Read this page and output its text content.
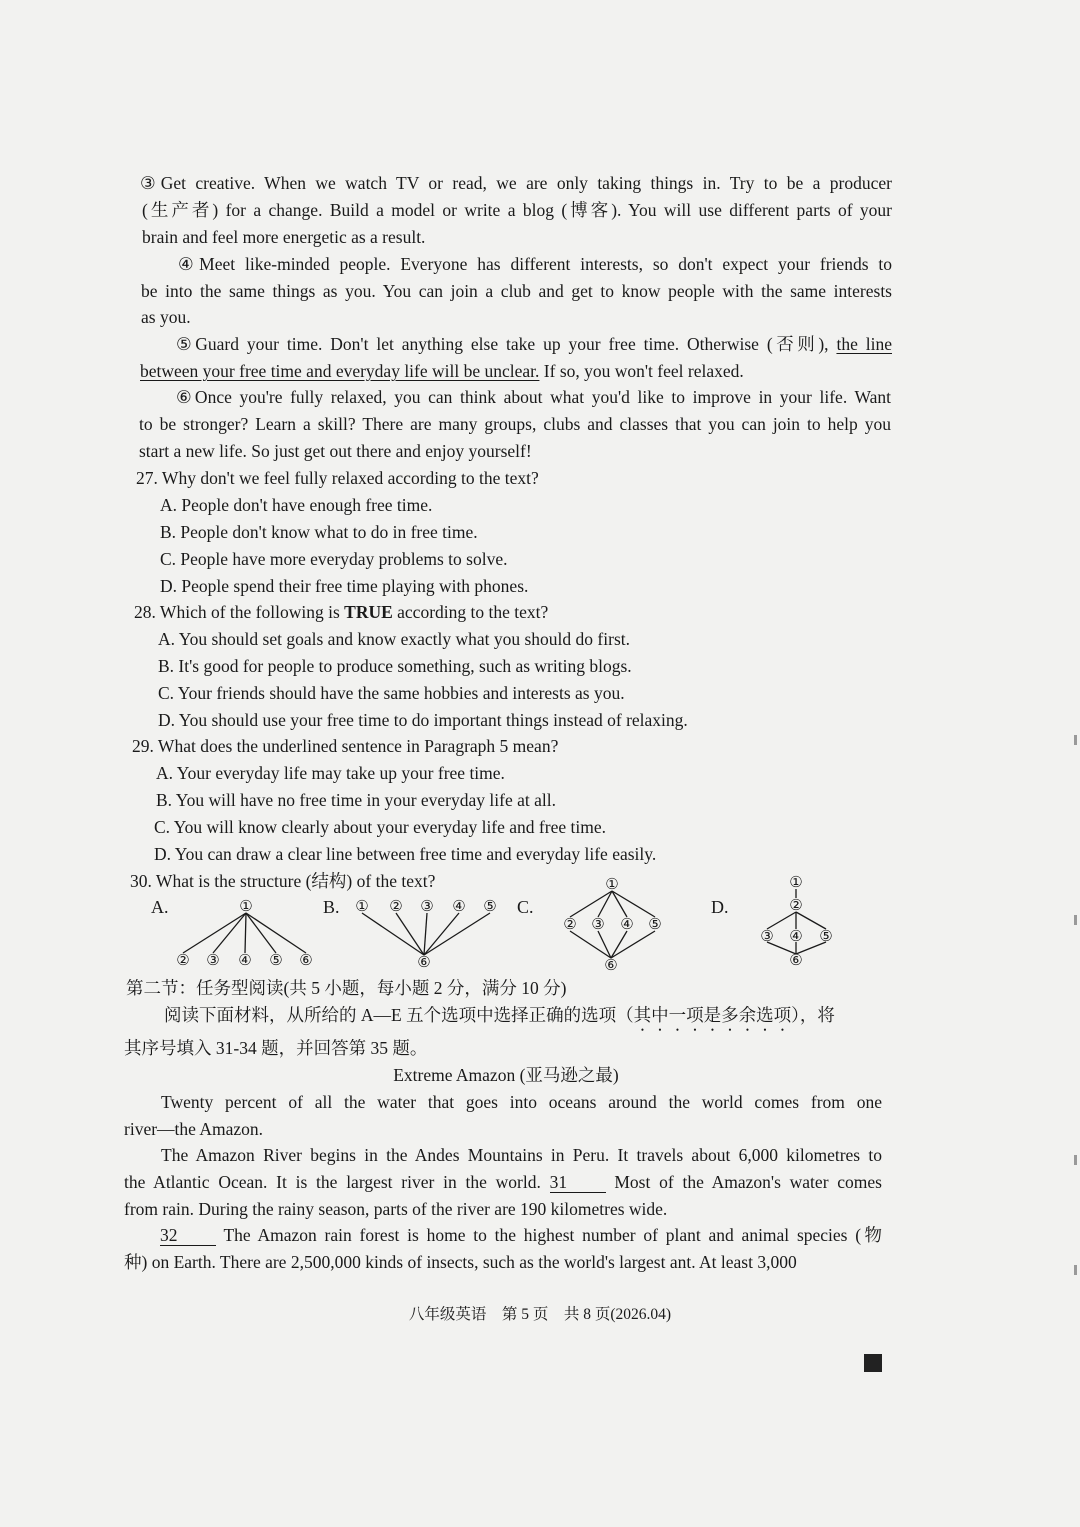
③Get creative. When we watch TV or read, we are only taking things in. Try to be a producer
(生产者) for a change. Build a model or write a blog (博客). You will use different parts of your
brain and feel more energetic as a result.
④Meet like-minded people. Everyone has different interests, so don't expect your friends to
be into the same things as you. You can join a club and get to know people with the same interests
as you.
⑤Guard your time. Don't let anything else take up your free time. Otherwise (否则), the line
between your free time and everyday life will be unclear. If so, you won't feel relaxed.
⑥Once you're fully relaxed, you can think about what you'd like to improve in your life. Want
to be stronger? Learn a skill? There are many groups, clubs and classes that you can join to help you
start a new life. So just get out there and enjoy yourself!
27. Why don't we feel fully relaxed according to the text?
A. People don't have enough free time.
B. People don't know what to do in free time.
C. People have more everyday problems to solve.
D. People spend their free time playing with phones.
28. Which of the following is TRUE according to the text?
A. You should set goals and know exactly what you should do first.
B. It's good for people to produce something, such as writing blogs.
C. Your friends should have the same hobbies and interests as you.
D. You should use your free time to do important things instead of relaxing.
29. What does the underlined sentence in Paragraph 5 mean?
A. Your everyday life may take up your free time.
B. You will have no free time in your everyday life at all.
C. You will know clearly about your everyday life and free time.
D. You can draw a clear line between free time and everyday life easily.
30. What is the structure (结构) of the text?
A.	B.	C.	D.
①
② ③ ④ ⑤ ⑥
① ② ③ ④ ⑤
⑥
①
② ③ ④ ⑤
⑥
①
②
③ ④ ⑤
⑥
第二节：任务型阅读(共 5 小题，每小题 2 分，满分 10 分)
阅读下面材料，从所给的 A—E 五个选项中选择正确的选项（其中一项是多余选项），将
其序号填入 31-34 题，并回答第 35 题。
Extreme Amazon (亚马逊之最)
Twenty percent of all the water that goes into oceans around the world comes from one
river—the Amazon.
The Amazon River begins in the Andes Mountains in Peru. It travels about 6,000 kilometres to
the Atlantic Ocean. It is the largest river in the world. 31 Most of the Amazon's water comes
from rain. During the rainy season, parts of the river are 190 kilometres wide.
32 The Amazon rain forest is home to the highest number of plant and animal species (物
种) on Earth. There are 2,500,000 kinds of insects, such as the world's largest ant. At least 3,000
八年级英语　第 5 页　共 8 页(2026.04)
